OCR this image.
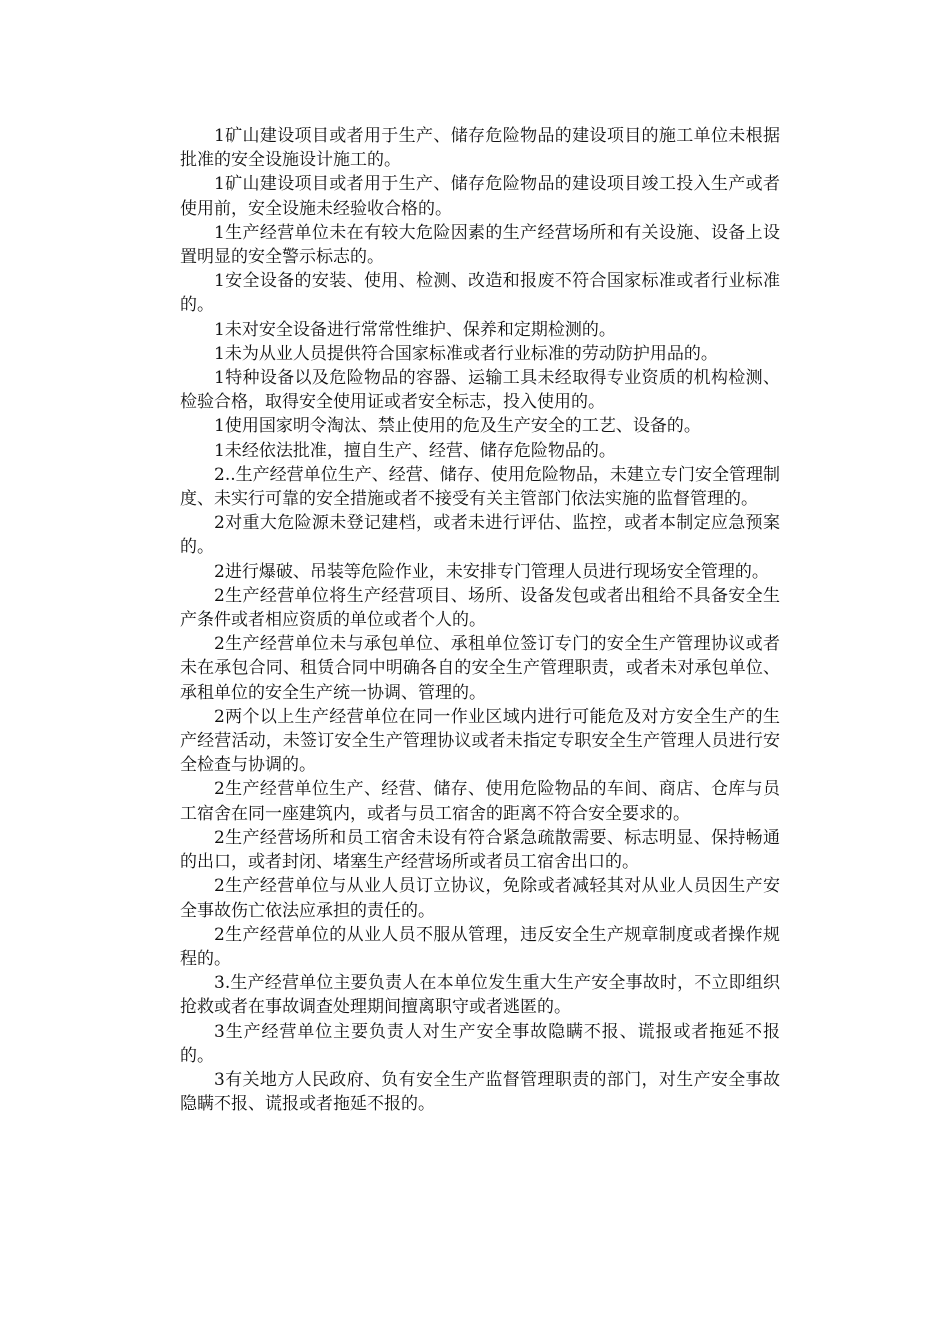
1矿山建设项目或者用于生产、储存危险物品的建设项目的施工单位未根据批准的安全设施设计施工的。

1矿山建设项目或者用于生产、储存危险物品的建设项目竣工投入生产或者使用前，安全设施未经验收合格的。

1生产经营单位未在有较大危险因素的生产经营场所和有关设施、设备上设置明显的安全警示标志的。

1安全设备的安装、使用、检测、改造和报废不符合国家标准或者行业标准的。

1未对安全设备进行常常性维护、保养和定期检测的。

1未为从业人员提供符合国家标准或者行业标准的劳动防护用品的。

1特种设备以及危险物品的容器、运输工具未经取得专业资质的机构检测、检验合格，取得安全使用证或者安全标志，投入使用的。

1使用国家明令淘汰、禁止使用的危及生产安全的工艺、设备的。

1未经依法批准，擅自生产、经营、储存危险物品的。

2..生产经营单位生产、经营、储存、使用危险物品，未建立专门安全管理制度、未实行可靠的安全措施或者不接受有关主管部门依法实施的监督管理的。

2对重大危险源未登记建档，或者未进行评估、监控，或者本制定应急预案的。

2进行爆破、吊装等危险作业，未安排专门管理人员进行现场安全管理的。

2生产经营单位将生产经营项目、场所、设备发包或者出租给不具备安全生产条件或者相应资质的单位或者个人的。

2生产经营单位未与承包单位、承租单位签订专门的安全生产管理协议或者未在承包合同、租赁合同中明确各自的安全生产管理职责，或者未对承包单位、承租单位的安全生产统一协调、管理的。

2两个以上生产经营单位在同一作业区域内进行可能危及对方安全生产的生产经营活动，未签订安全生产管理协议或者未指定专职安全生产管理人员进行安全检查与协调的。

2生产经营单位生产、经营、储存、使用危险物品的车间、商店、仓库与员工宿舍在同一座建筑内，或者与员工宿舍的距离不符合安全要求的。

2生产经营场所和员工宿舍未设有符合紧急疏散需要、标志明显、保持畅通的出口，或者封闭、堵塞生产经营场所或者员工宿舍出口的。

2生产经营单位与从业人员订立协议，免除或者减轻其对从业人员因生产安全事故伤亡依法应承担的责任的。

2生产经营单位的从业人员不服从管理，违反安全生产规章制度或者操作规程的。

3.生产经营单位主要负责人在本单位发生重大生产安全事故时，不立即组织抢救或者在事故调查处理期间擅离职守或者逃匿的。

3生产经营单位主要负责人对生产安全事故隐瞒不报、谎报或者拖延不报的。

3有关地方人民政府、负有安全生产监督管理职责的部门，对生产安全事故隐瞒不报、谎报或者拖延不报的。
